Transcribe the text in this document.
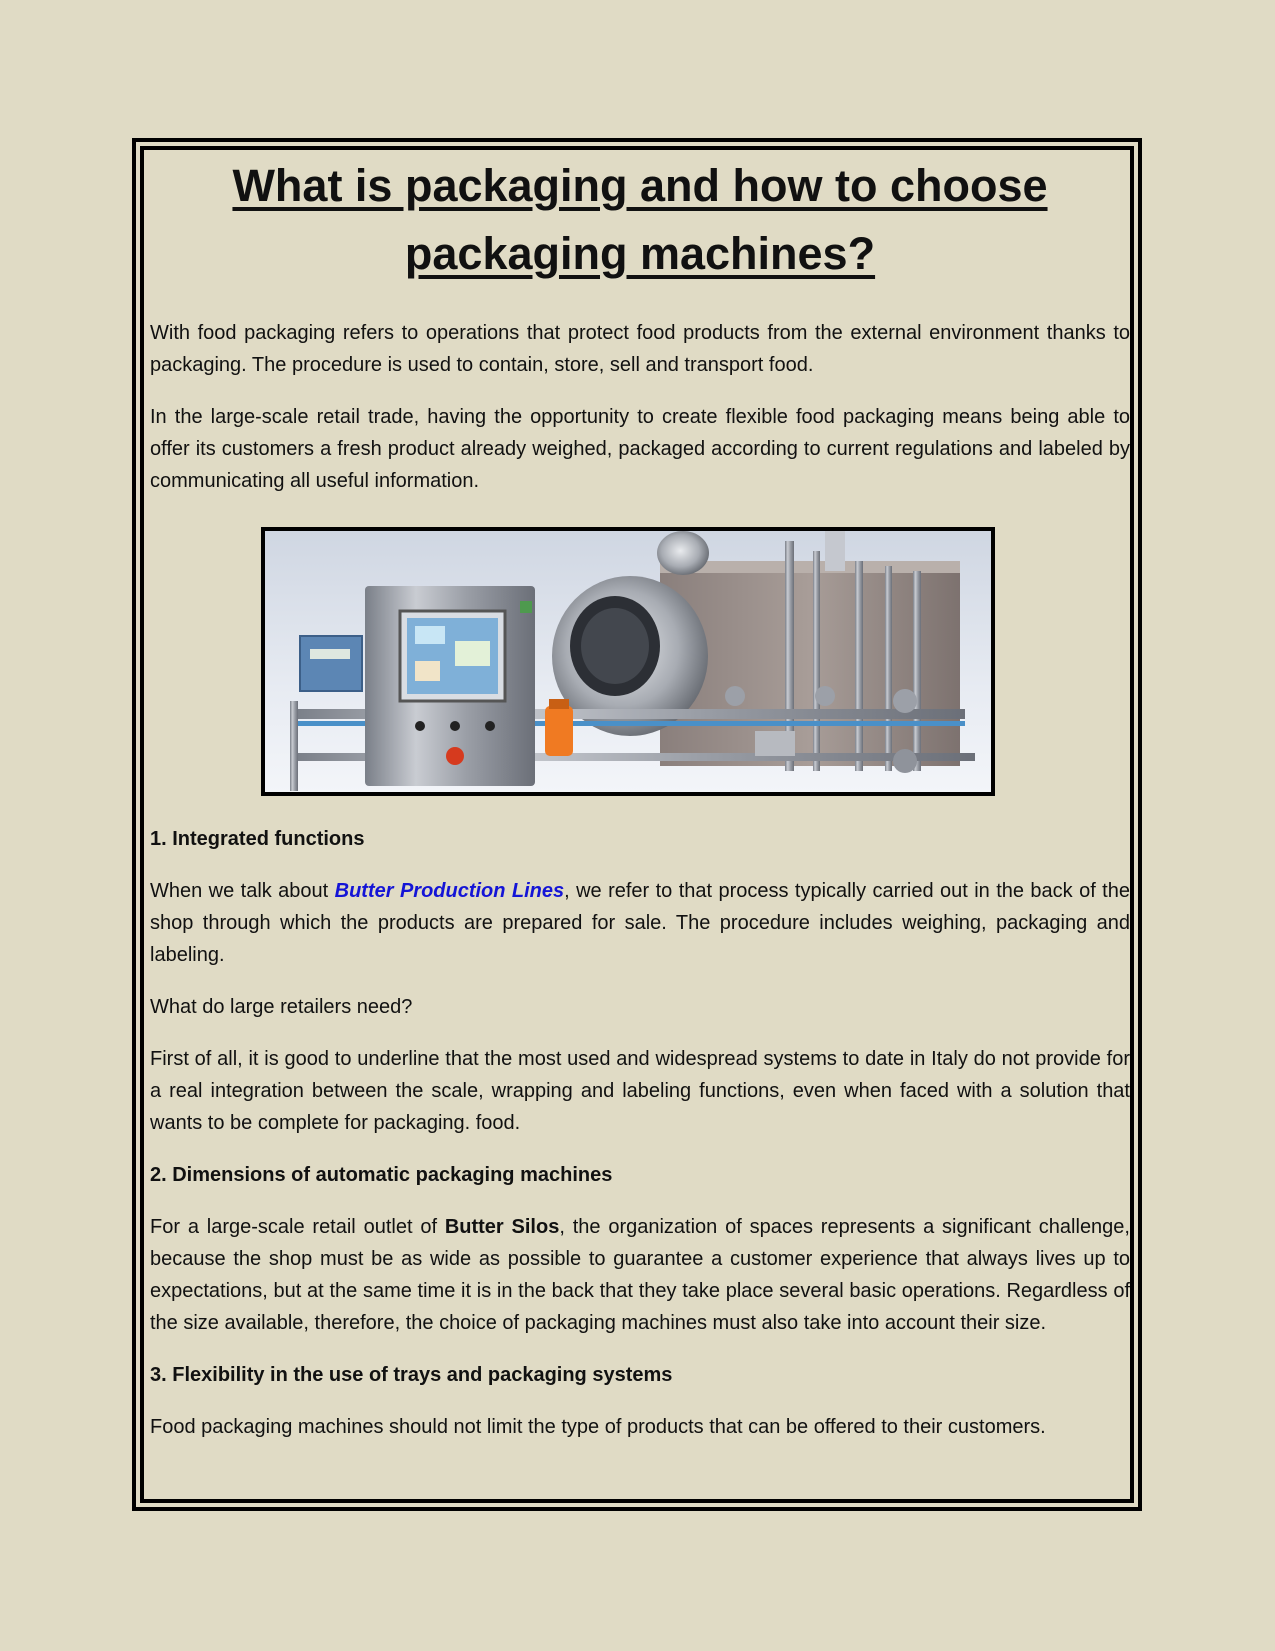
What is packaging and how to choose packaging machines?

With food packaging refers to operations that protect food products from the external environment thanks to packaging. The procedure is used to contain, store, sell and transport food.

In the large-scale retail trade, having the opportunity to create flexible food packaging means being able to offer its customers a fresh product already weighed, packaged according to current regulations and labeled by communicating all useful information.

1. Integrated functions

When we talk about Butter Production Lines, we refer to that process typically carried out in the back of the shop through which the products are prepared for sale. The procedure includes weighing, packaging and labeling.

What do large retailers need?

First of all, it is good to underline that the most used and widespread systems to date in Italy do not provide for a real integration between the scale, wrapping and labeling functions, even when faced with a solution that wants to be complete for packaging. food.

2. Dimensions of automatic packaging machines

For a large-scale retail outlet of Butter Silos, the organization of spaces represents a significant challenge, because the shop must be as wide as possible to guarantee a customer experience that always lives up to expectations, but at the same time it is in the back that they take place several basic operations. Regardless of the size available, therefore, the choice of packaging machines must also take into account their size.

3. Flexibility in the use of trays and packaging systems

Food packaging machines should not limit the type of products that can be offered to their customers.
